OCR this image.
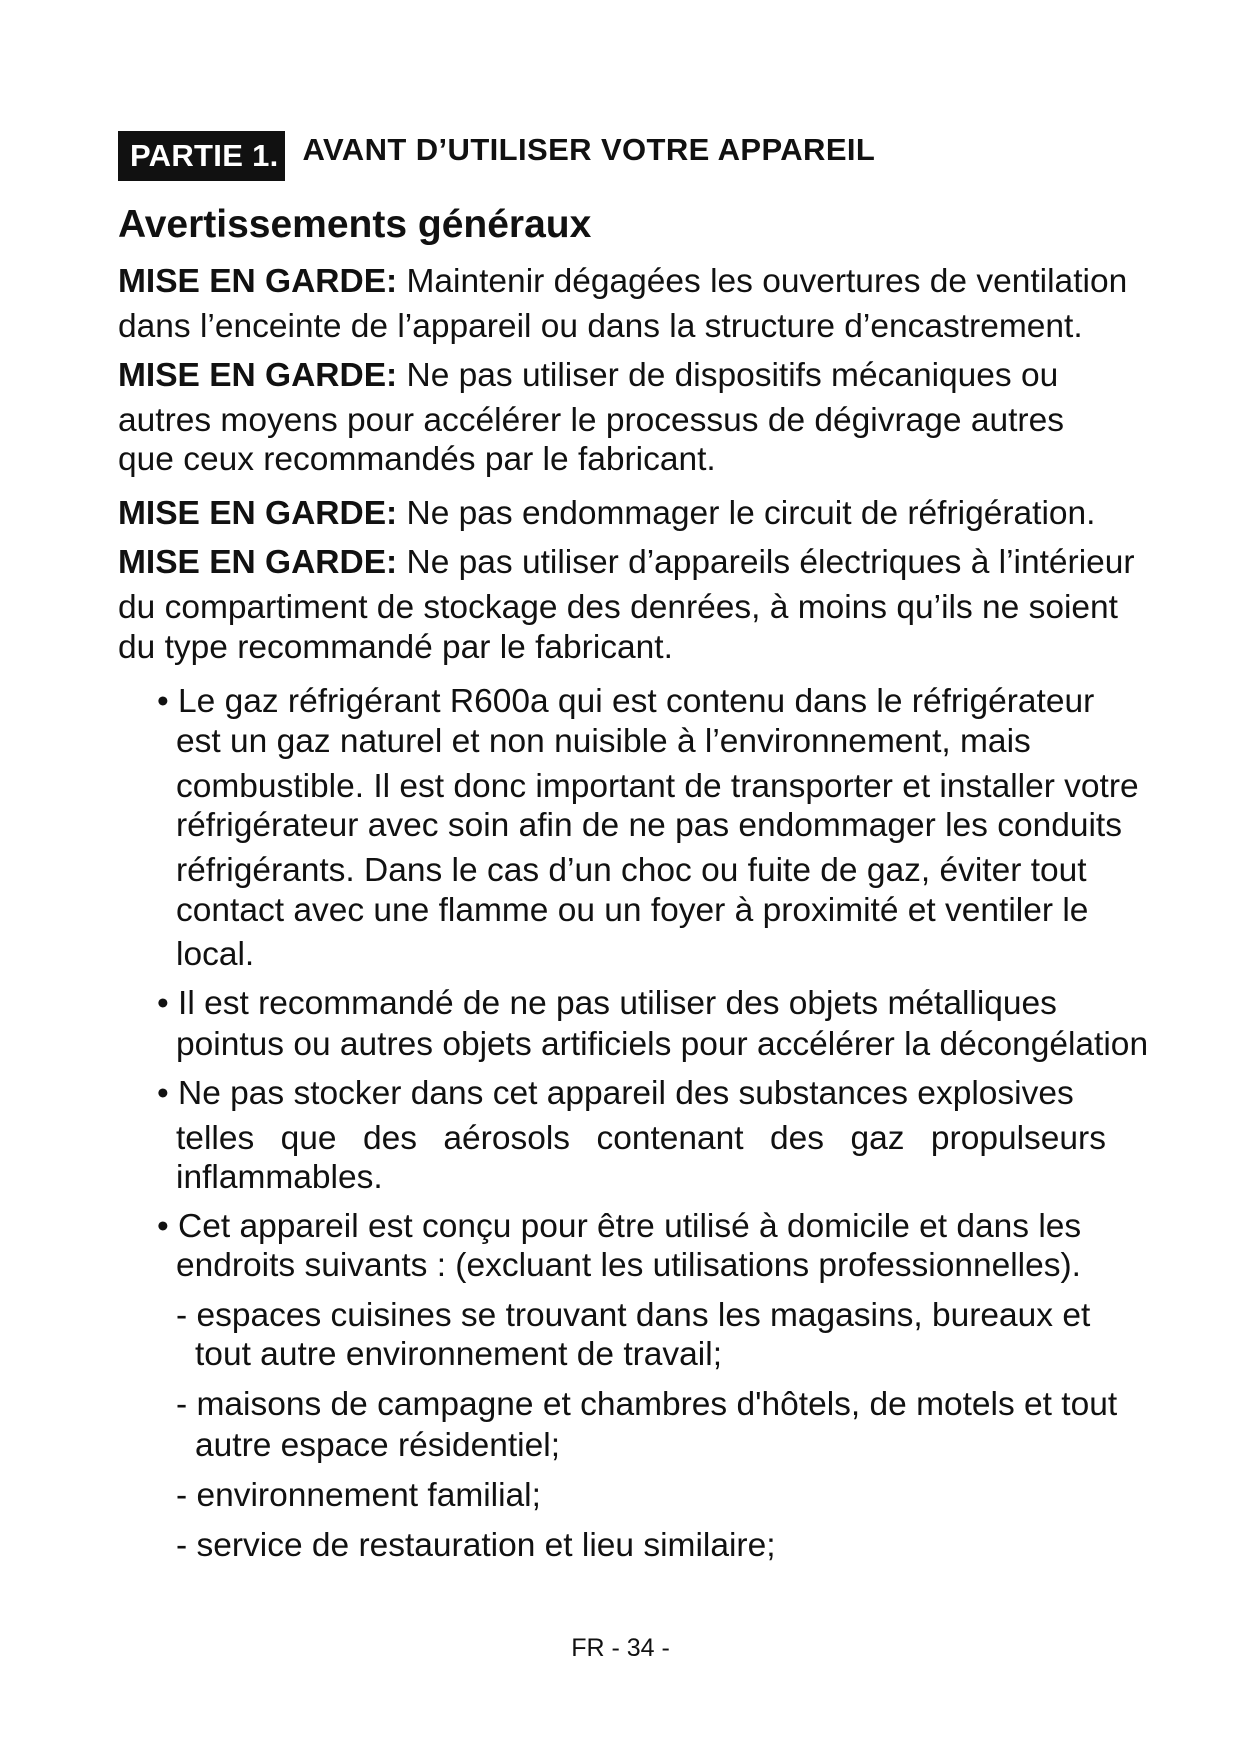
PARTIE 1. AVANT D’UTILISER VOTRE APPAREIL
Avertissements généraux
MISE EN GARDE: Maintenir dégagées les ouvertures de ventilation
dans l’enceinte de l’appareil ou dans la structure d’encastrement.
MISE EN GARDE: Ne pas utiliser de dispositifs mécaniques ou
autres moyens pour accélérer le processus de dégivrage autres
que ceux recommandés par le fabricant.
MISE EN GARDE: Ne pas endommager le circuit de réfrigération.
MISE EN GARDE: Ne pas utiliser d’appareils électriques à l’intérieur
du compartiment de stockage des denrées, à moins qu’ils ne soient
du type recommandé par le fabricant.
• Le gaz réfrigérant R600a qui est contenu dans le réfrigérateur
est un gaz naturel et non nuisible à l’environnement, mais
combustible. Il est donc important de transporter et installer votre
réfrigérateur avec soin afin de ne pas endommager les conduits
réfrigérants. Dans le cas d’un choc ou fuite de gaz, éviter tout
contact avec une flamme ou un foyer à proximité et ventiler le
local.
• Il est recommandé de ne pas utiliser des objets métalliques
pointus ou autres objets artificiels pour accélérer la décongélation
• Ne pas stocker dans cet appareil des substances explosives
telles que des aérosols contenant des gaz propulseurs
inflammables.
• Cet appareil est conçu pour être utilisé à domicile et dans les
endroits suivants : (excluant les utilisations professionnelles).
- espaces cuisines se trouvant dans les magasins, bureaux et
tout autre environnement de travail;
- maisons de campagne et chambres d'hôtels, de motels et tout
autre espace résidentiel;
- environnement familial;
- service de restauration et lieu similaire;
FR - 34 -
